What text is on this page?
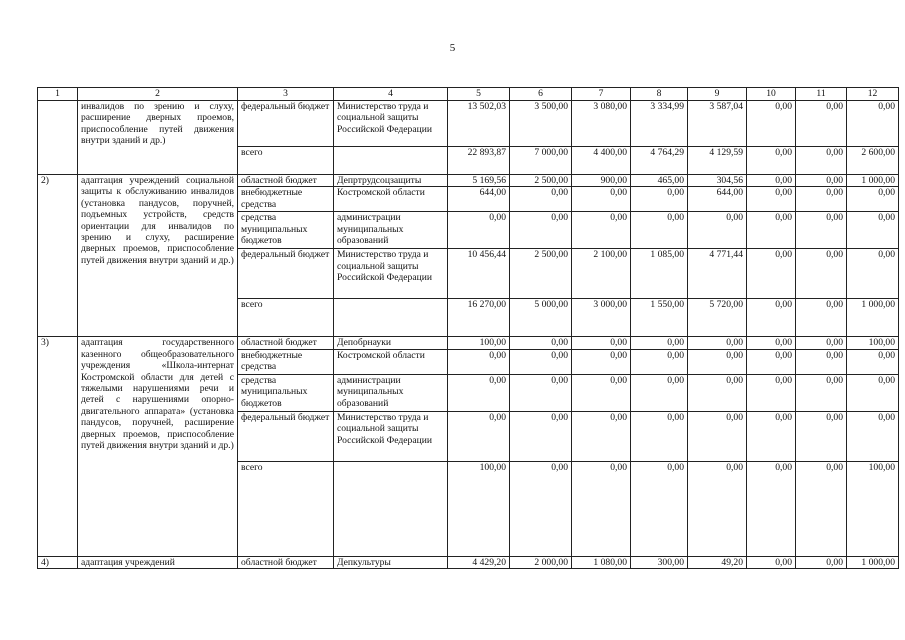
5
1	2	3	4	5	6	7	8	9	10	11	12
	инвалидов по зрению и слуху, расширение дверных проемов, приспособление путей движения внутри зданий и др.)	федеральный бюджет	Министерство труда и социальной защиты Российской Федерации	13 502,03	3 500,00	3 080,00	3 334,99	3 587,04	0,00	0,00	0,00
		всего		22 893,87	7 000,00	4 400,00	4 764,29	4 129,59	0,00	0,00	2 600,00
2)	адаптация учреждений социальной защиты к обслуживанию инвалидов (установка пандусов, поручней, подъемных устройств, средств ориентации для инвалидов по зрению и слуху, расширение дверных проемов, приспособление путей движения внутри зданий и др.)	областной бюджет	Депртрудсоцзащиты	5 169,56	2 500,00	900,00	465,00	304,56	0,00	0,00	1 000,00
		внебюджетные средства	Костромской области	644,00	0,00	0,00	0,00	644,00	0,00	0,00	0,00
		средства муниципальных бюджетов	администрации муниципальных образований	0,00	0,00	0,00	0,00	0,00	0,00	0,00	0,00
		федеральный бюджет	Министерство труда и социальной защиты Российской Федерации	10 456,44	2 500,00	2 100,00	1 085,00	4 771,44	0,00	0,00	0,00
		всего		16 270,00	5 000,00	3 000,00	1 550,00	5 720,00	0,00	0,00	1 000,00
3)	адаптация государственного казенного общеобразовательного учреждения «Школа-интернат Костромской области для детей с тяжелыми нарушениями речи и детей с нарушениями опорно-двигательного аппарата» (установка пандусов, поручней, расширение дверных проемов, приспособление путей движения внутри зданий и др.)	областной бюджет	Депобрнауки	100,00	0,00	0,00	0,00	0,00	0,00	0,00	100,00
		внебюджетные средства	Костромской области	0,00	0,00	0,00	0,00	0,00	0,00	0,00	0,00
		средства муниципальных бюджетов	администрации муниципальных образований	0,00	0,00	0,00	0,00	0,00	0,00	0,00	0,00
		федеральный бюджет	Министерство труда и социальной защиты Российской Федерации	0,00	0,00	0,00	0,00	0,00	0,00	0,00	0,00
		всего		100,00	0,00	0,00	0,00	0,00	0,00	0,00	100,00
4)	адаптация учреждений	областной бюджет	Депкультуры	4 429,20	2 000,00	1 080,00	300,00	49,20	0,00	0,00	1 000,00
